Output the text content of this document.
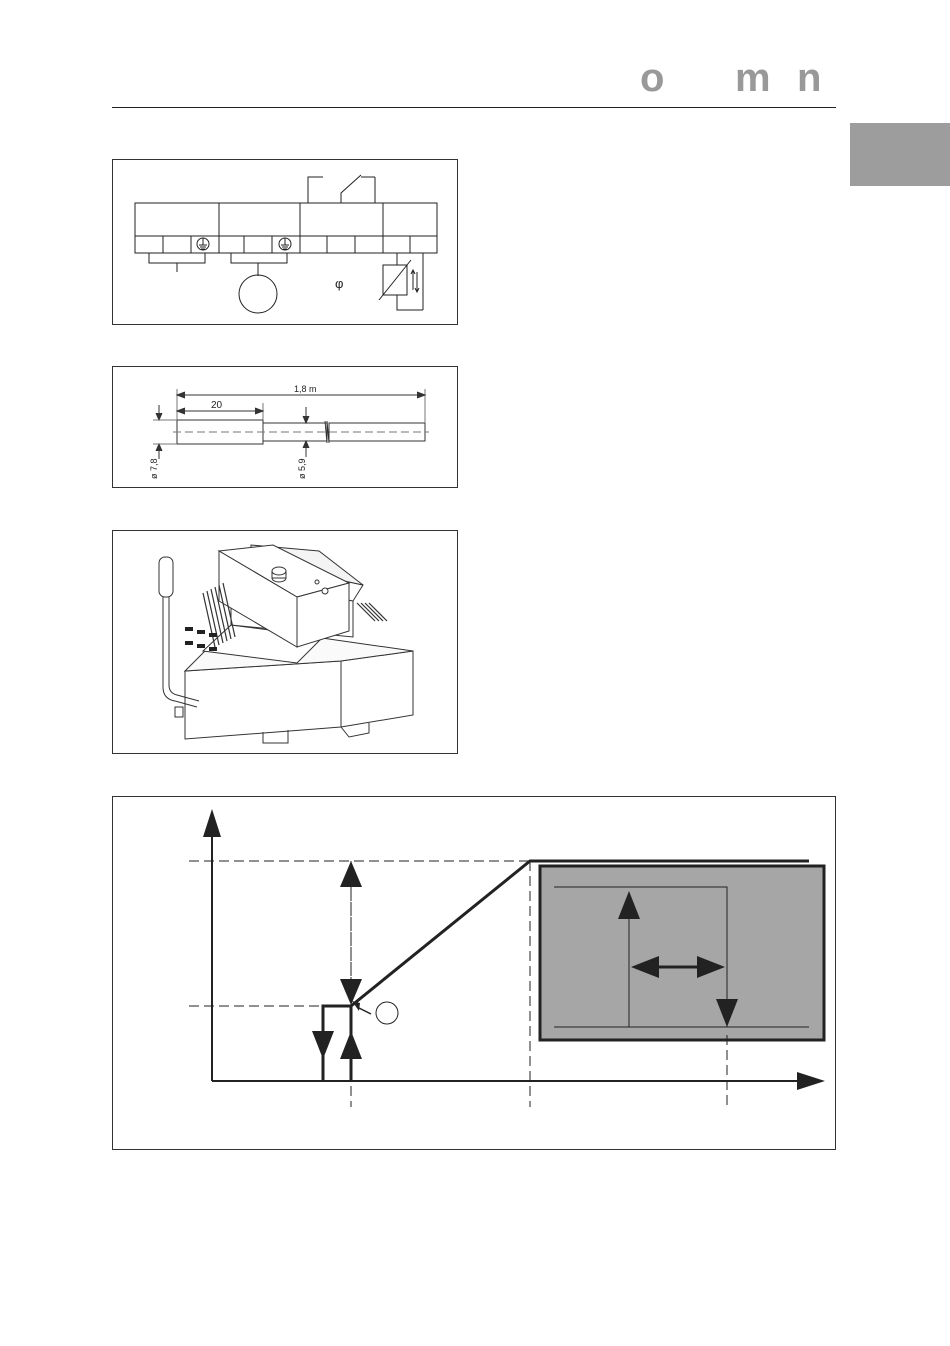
o m n
φ
1,8 m
20
ø 7,8	ø 5,9
